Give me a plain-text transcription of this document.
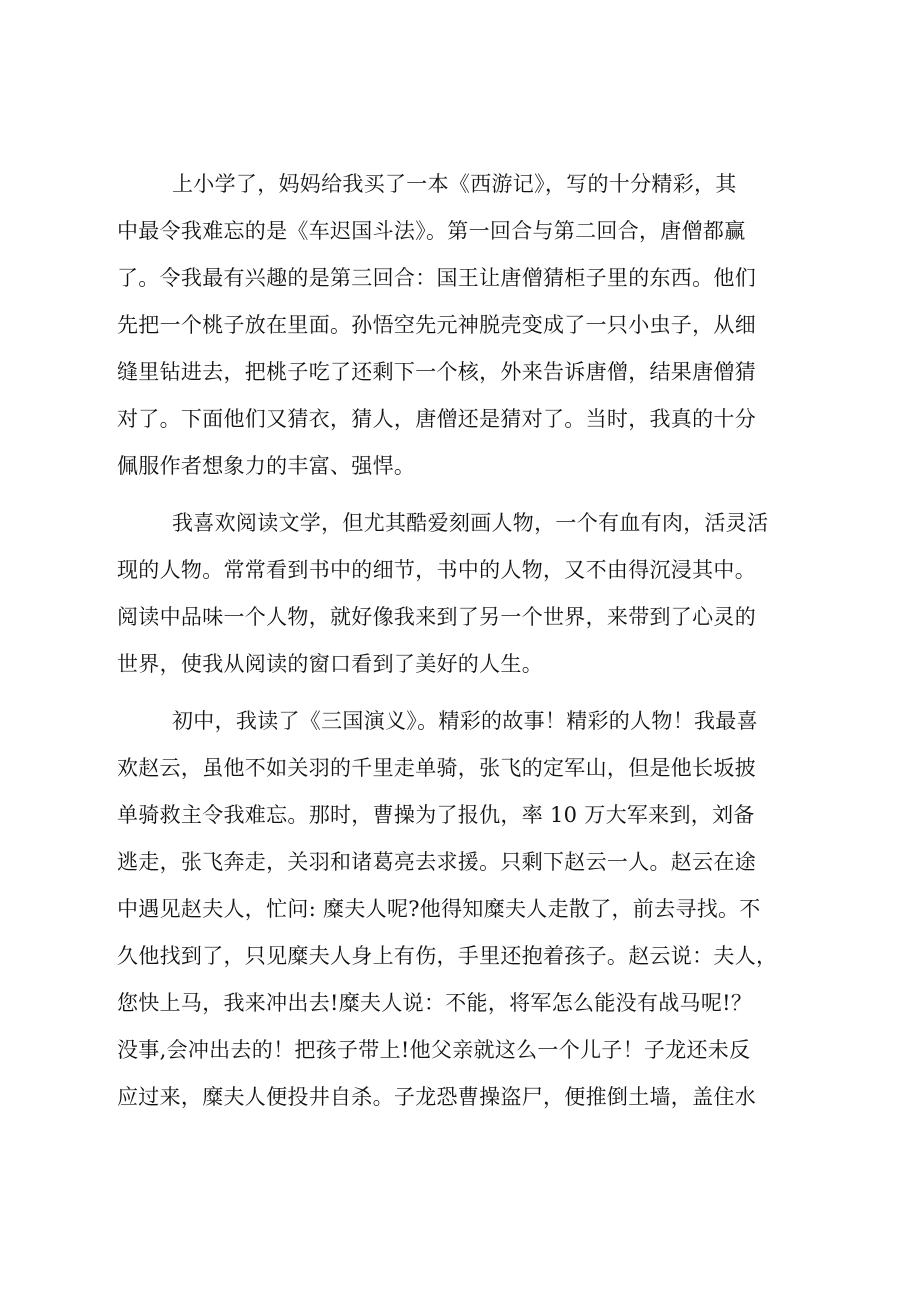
上小学了，妈妈给我买了一本《西游记》，写的十分精彩，其
中最令我难忘的是《车迟国斗法》。第一回合与第二回合，唐僧都赢
了。令我最有兴趣的是第三回合：国王让唐僧猜柜子里的东西。他们
先把一个桃子放在里面。孙悟空先元神脱壳变成了一只小虫子，从细
缝里钻进去，把桃子吃了还剩下一个核，外来告诉唐僧，结果唐僧猜
对了。下面他们又猜衣，猜人，唐僧还是猜对了。当时，我真的十分
佩服作者想象力的丰富、强悍。
我喜欢阅读文学，但尤其酷爱刻画人物，一个有血有肉，活灵活
现的人物。常常看到书中的细节，书中的人物，又不由得沉浸其中。
阅读中品味一个人物，就好像我来到了另一个世界，来带到了心灵的
世界，使我从阅读的窗口看到了美好的人生。
初中，我读了《三国演义》。精彩的故事！精彩的人物！我最喜
欢赵云，虽他不如关羽的千里走单骑，张飞的定军山，但是他长坂披
单骑救主令我难忘。那时，曹操为了报仇，率 10 万大军来到，刘备
逃走，张飞奔走，关羽和诸葛亮去求援。只剩下赵云一人。赵云在途
中遇见赵夫人，忙问: 糜夫人呢?他得知糜夫人走散了，前去寻找。不
久他找到了，只见糜夫人身上有伤，手里还抱着孩子。赵云说：夫人，
您快上马，我来冲出去!糜夫人说：不能，将军怎么能没有战马呢!？
没事,会冲出去的！把孩子带上!他父亲就这么一个儿子！子龙还未反
应过来，糜夫人便投井自杀。子龙恐曹操盗尸，便推倒土墙，盖住水
